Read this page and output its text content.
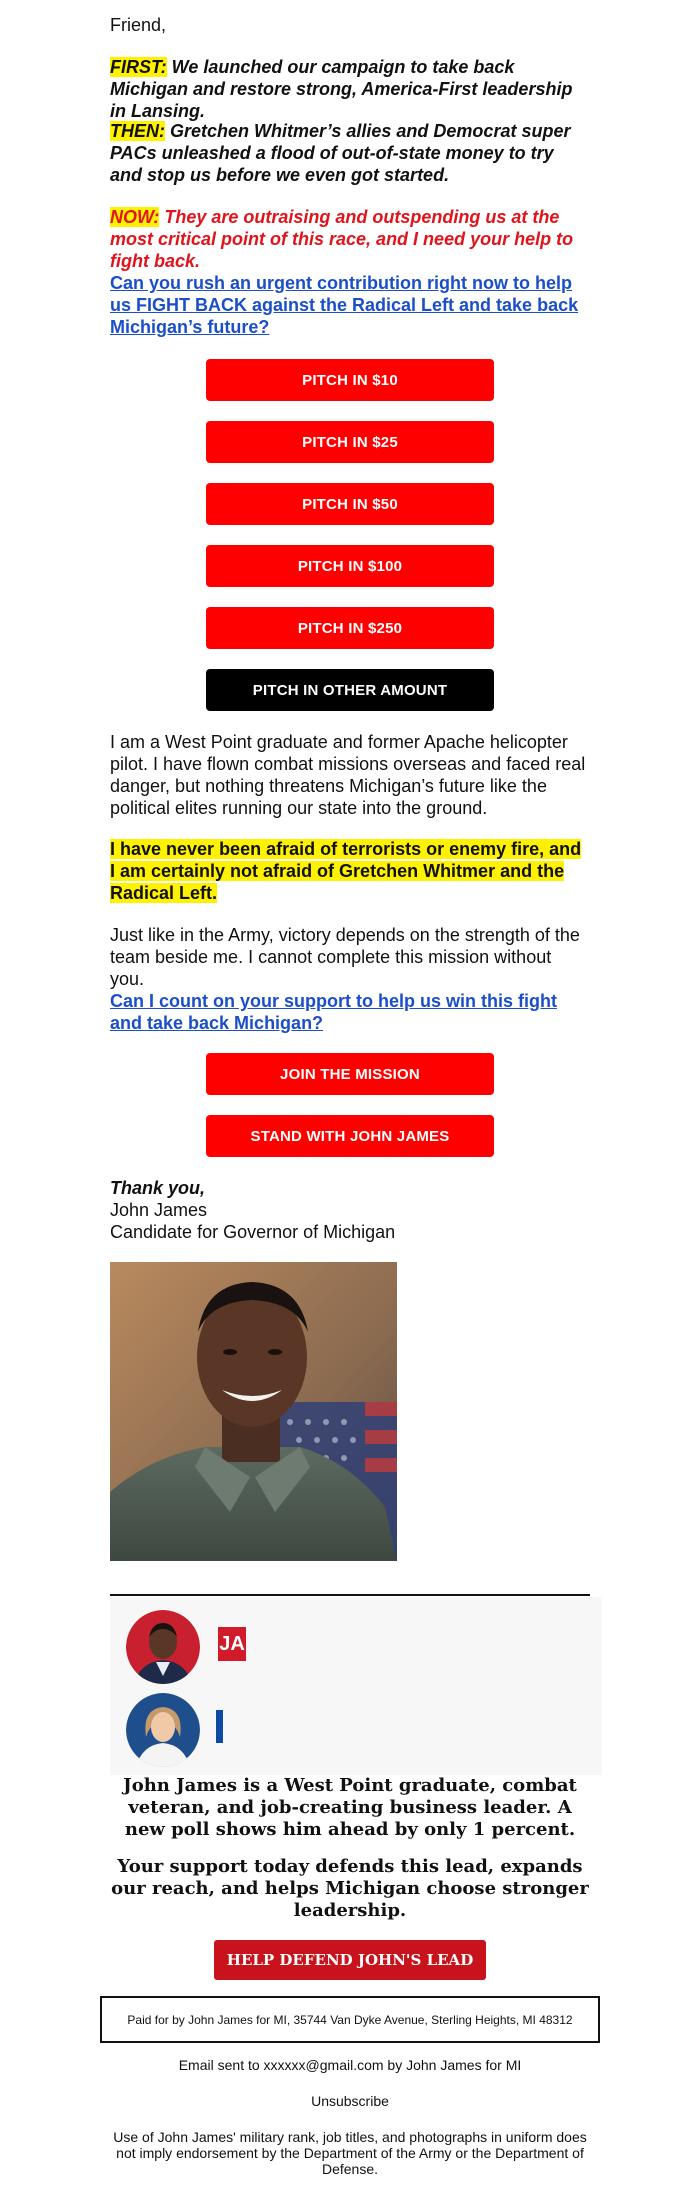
Friend,

FIRST: We launched our campaign to take back Michigan and restore strong, America-First leadership in Lansing.

THEN: Gretchen Whitmer’s allies and Democrat super PACs unleashed a flood of out-of-state money to try and stop us before we even got started.

NOW: They are outraising and outspending us at the most critical point of this race, and I need your help to fight back.

Can you rush an urgent contribution right now to help us FIGHT BACK against the Radical Left and take back Michigan’s future?
PITCH IN $10
PITCH IN $25
PITCH IN $50
PITCH IN $100
PITCH IN $250
PITCH IN OTHER AMOUNT

I am a West Point graduate and former Apache helicopter pilot. I have flown combat missions overseas and faced real danger, but nothing threatens Michigan’s future like the political elites running our state into the ground.

I have never been afraid of terrorists or enemy fire, and I am certainly not afraid of Gretchen Whitmer and the Radical Left.

Just like in the Army, victory depends on the strength of the team beside me. I cannot complete this mission without you.

Can I count on your support to help us win this fight and take back Michigan?
JOIN THE MISSION
STAND WITH JOHN JAMES
Thank you,
John James
Candidate for Governor of Michigan
JA

John James is a West Point graduate, combat veteran, and job-creating business leader. A new poll shows him ahead by only 1 percent.

Your support today defends this lead, expands our reach, and helps Michigan choose stronger leadership.

HELP DEFEND JOHN'S LEAD
Paid for by John James for MI, 35744 Van Dyke Avenue, Sterling Heights, MI 48312
Email sent to xxxxxx@gmail.com by John James for MI
Unsubscribe
Use of John James' military rank, job titles, and photographs in uniform does not imply endorsement by the Department of the Army or the Department of Defense.
